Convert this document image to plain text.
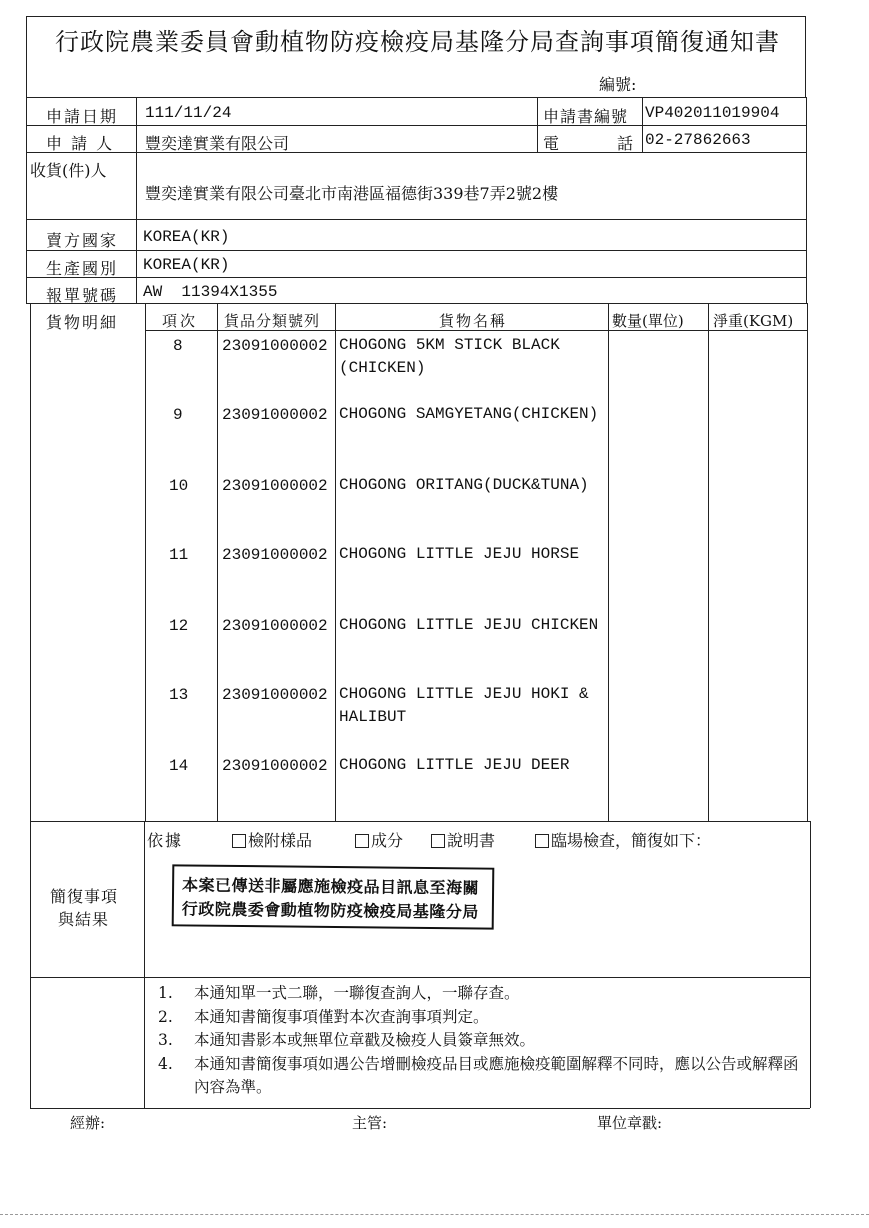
行政院農業委員會動植物防疫檢疫局基隆分局查詢事項簡復通知書
編號:
申請日期 111/11/24	申請書編號 VP402011019904
申 請 人 豐奕達實業有限公司	電	話 02-27862663
收貨(件)人
豐奕達實業有限公司臺北市南港區福德街339巷7弄2號2樓
賣方國家 KOREA(KR)
生產國別 KOREA(KR)
報單號碼 AW  11394X1355
貨物明細	項次 貨品分類號列	貨物名稱	數量(單位) 淨重(KGM)
8 23091000002 CHOGONG 5KM STICK BLACK (CHICKEN)
9 23091000002 CHOGONG SAMGYETANG(CHICKEN)
10 23091000002 CHOGONG ORITANG(DUCK&TUNA)
11 23091000002 CHOGONG LITTLE JEJU HORSE
12 23091000002 CHOGONG LITTLE JEJU CHICKEN
13 23091000002 CHOGONG LITTLE JEJU HOKI & HALIBUT
14 23091000002 CHOGONG LITTLE JEJU DEER
依據	檢附樣品	成分	說明書	臨場檢查，簡復如下：
簡復事項
與結果
本案已傳送非屬應施檢疫品目訊息至海關
行政院農委會動植物防疫檢疫局基隆分局
1.	本通知單一式二聯，一聯復查詢人，一聯存查。
2.	本通知書簡復事項僅對本次查詢事項判定。
3.	本通知書影本或無單位章戳及檢疫人員簽章無效。
4.	本通知書簡復事項如遇公告增刪檢疫品目或應施檢疫範圍解釋不同時，應以公告或解釋函內容為準。
經辦:	主管:	單位章戳:
